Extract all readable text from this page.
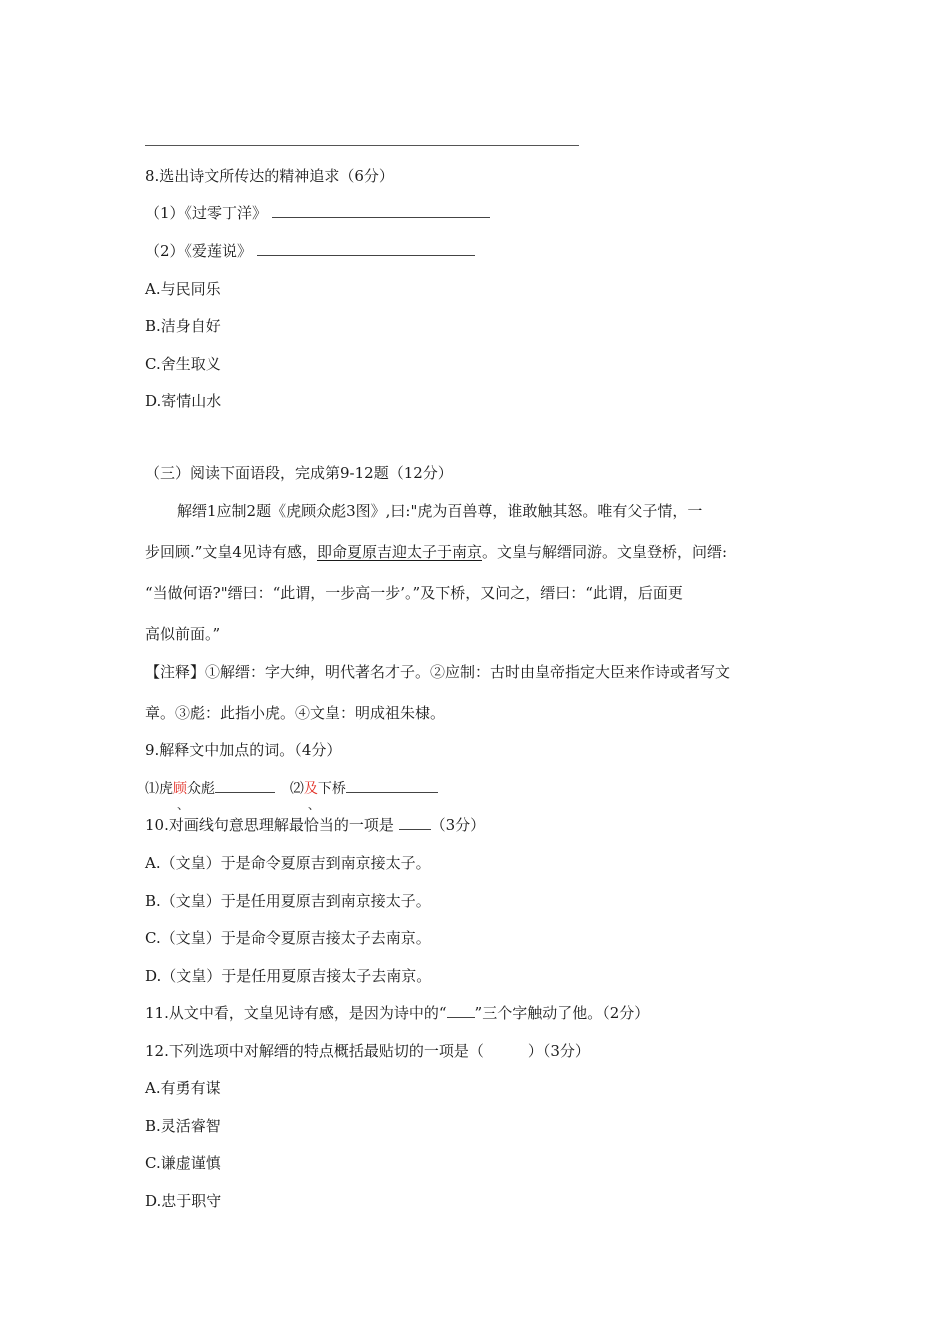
8.选出诗文所传达的精神追求（6分）
（1）《过零丁洋》
（2）《爱莲说》
A.与民同乐
B.洁身自好
C.舍生取义
D.寄情山水
（三）阅读下面语段，完成第9-12题（12分）
解缙1应制2题《虎顾众彪3图》,曰:"虎为百兽尊，谁敢触其怒。唯有父子情，一
步回顾.”文皇4见诗有感，即命夏原吉迎太子于南京。文皇与解缙同游。文皇登桥，问缙:
“当做何语?"缙曰：“此谓，一步高一步’。”及下桥，又问之，缙曰：“此谓，后面更
高似前面。”
【注释】①解缙：字大绅，明代著名才子。②应制：古时由皇帝指定大臣来作诗或者写文
章。③彪：此指小虎。④文皇：明成祖朱棣。
9.解释文中加点的词。（4分）
⑴虎顾
、
众彪	⑵及
、
下桥
10.对画线句意思理解最恰当的一项是 （3分）
A.（文皇）于是命令夏原吉到南京接太子。
B.（文皇）于是任用夏原吉到南京接太子。
C.（文皇）于是命令夏原吉接太子去南京。
D.（文皇）于是任用夏原吉接太子去南京。
11.从文中看，文皇见诗有感，是因为诗中的“ ”三个字触动了他。（2分）
12.下列选项中对解缙的特点概括最贴切的一项是（	）（3分）
A.有勇有谋
B.灵活睿智
C.谦虚谨慎
D.忠于职守
